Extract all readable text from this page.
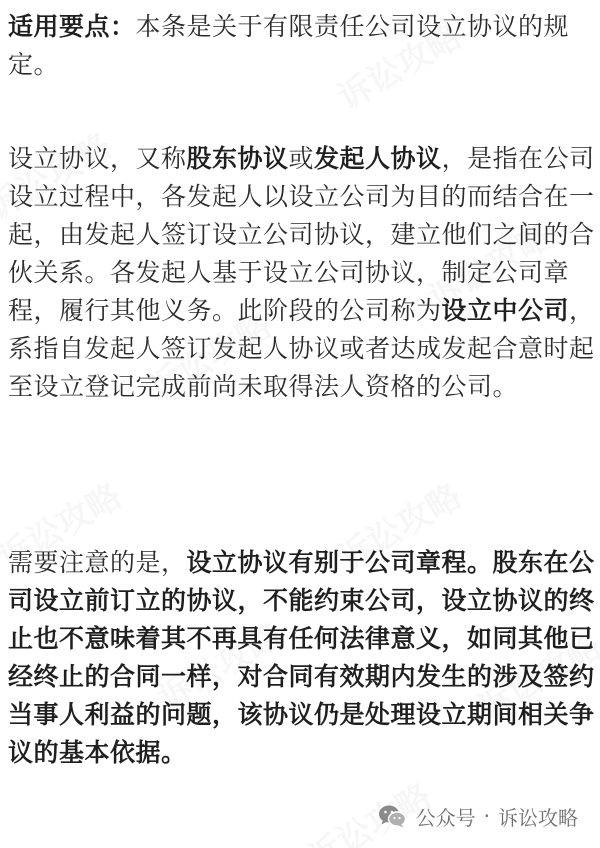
适用要点：本条是关于有限责任公司设立协议的规定。

设立协议，又称股东协议或发起人协议，是指在公司设立过程中，各发起人以设立公司为目的而结合在一起，由发起人签订设立公司协议，建立他们之间的合伙关系。各发起人基于设立公司协议，制定公司章程，履行其他义务。此阶段的公司称为设立中公司，系指自发起人签订发起人协议或者达成发起合意时起至设立登记完成前尚未取得法人资格的公司。

需要注意的是，设立协议有别于公司章程。股东在公司设立前订立的协议，不能约束公司，设立协议的终止也不意味着其不再具有任何法律意义，如同其他已经终止的合同一样，对合同有效期内发生的涉及签约当事人利益的问题，该协议仍是处理设立期间相关争议的基本依据。

公众号 · 诉讼攻略
